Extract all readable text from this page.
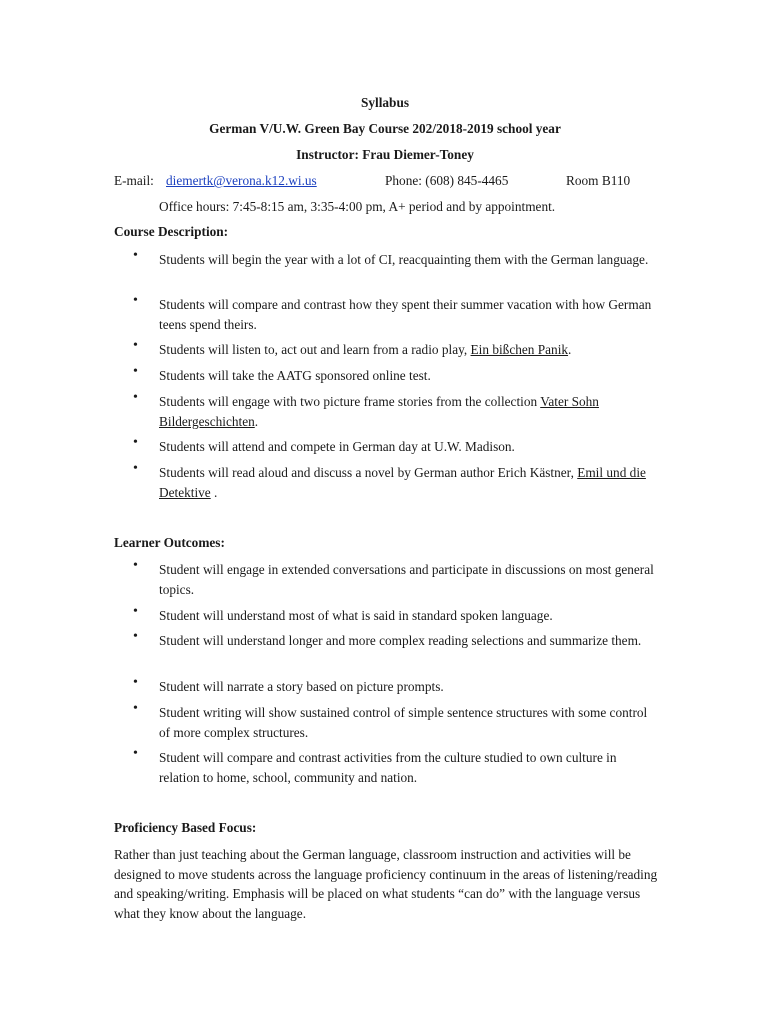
Syllabus
German V/U.W. Green Bay Course 202/2018-2019 school year
Instructor: Frau Diemer-Toney
E-mail: diemertk@verona.k12.wi.us	Phone: (608) 845-4465	Room B110
Office hours: 7:45-8:15 am, 3:35-4:00 pm, A+ period and by appointment.
Course Description:
• Students will begin the year with a lot of CI, reacquainting them with the German language.
• Students will compare and contrast how they spent their summer vacation with how German teens spend theirs.
• Students will listen to, act out and learn from a radio play, Ein bißchen Panik.
• Students will take the AATG sponsored online test.
• Students will engage with two picture frame stories from the collection Vater Sohn Bildergeschichten.
• Students will attend and compete in German day at U.W. Madison.
• Students will read aloud and discuss a novel by German author Erich Kästner, Emil und die Detektive .
Learner Outcomes:
• Student will engage in extended conversations and participate in discussions on most general topics.
• Student will understand most of what is said in standard spoken language.
• Student will understand longer and more complex reading selections and summarize them.
• Student will narrate a story based on picture prompts.
• Student writing will show sustained control of simple sentence structures with some control of more complex structures.
• Student will compare and contrast activities from the culture studied to own culture in relation to home, school, community and nation.
Proficiency Based Focus:
Rather than just teaching about the German language, classroom instruction and activities will be designed to move students across the language proficiency continuum in the areas of listening/reading and speaking/writing. Emphasis will be placed on what students “can do” with the language versus what they know about the language.
